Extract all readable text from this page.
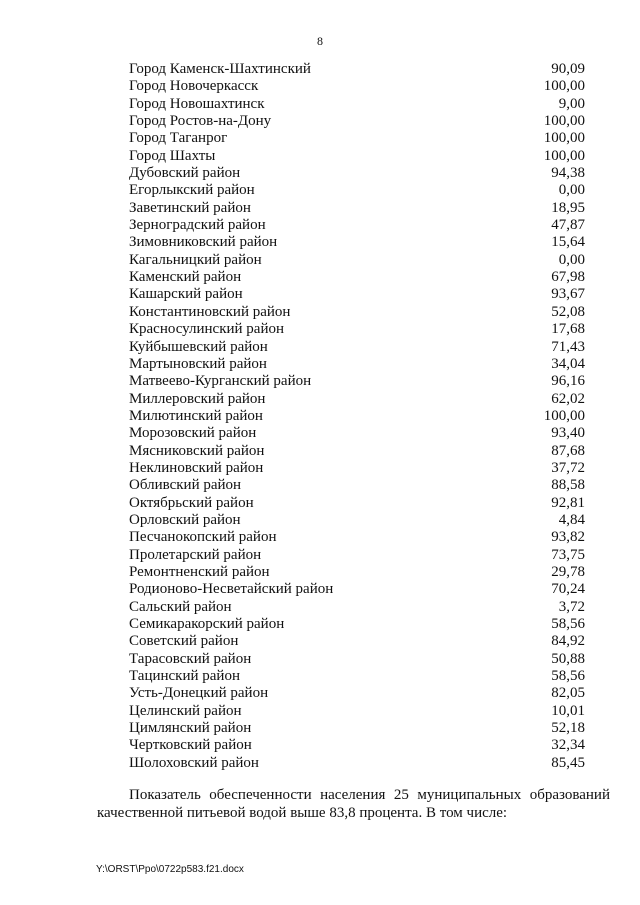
8
Город Каменск-Шахтинский	90,09
Город Новочеркасск	100,00
Город Новошахтинск	9,00
Город Ростов-на-Дону	100,00
Город Таганрог	100,00
Город Шахты	100,00
Дубовский район	94,38
Егорлыкский район	0,00
Заветинский район	18,95
Зерноградский район	47,87
Зимовниковский район	15,64
Кагальницкий район	0,00
Каменский район	67,98
Кашарский район	93,67
Константиновский район	52,08
Красносулинский район	17,68
Куйбышевский район	71,43
Мартыновский район	34,04
Матвеево-Курганский район	96,16
Миллеровский район	62,02
Милютинский район	100,00
Морозовский район	93,40
Мясниковский район	87,68
Неклиновский район	37,72
Обливский район	88,58
Октябрьский район	92,81
Орловский район	4,84
Песчанокопский район	93,82
Пролетарский район	73,75
Ремонтненский район	29,78
Родионово-Несветайский район	70,24
Сальский район	3,72
Семикаракорский район	58,56
Советский район	84,92
Тарасовский район	50,88
Тацинский район	58,56
Усть-Донецкий район	82,05
Целинский район	10,01
Цимлянский район	52,18
Чертковский район	32,34
Шолоховский район	85,45
Показатель обеспеченности населения 25 муниципальных образований качественной питьевой водой выше 83,8 процента. В том числе:
Y:\ORST\Ppo\0722p583.f21.docx
